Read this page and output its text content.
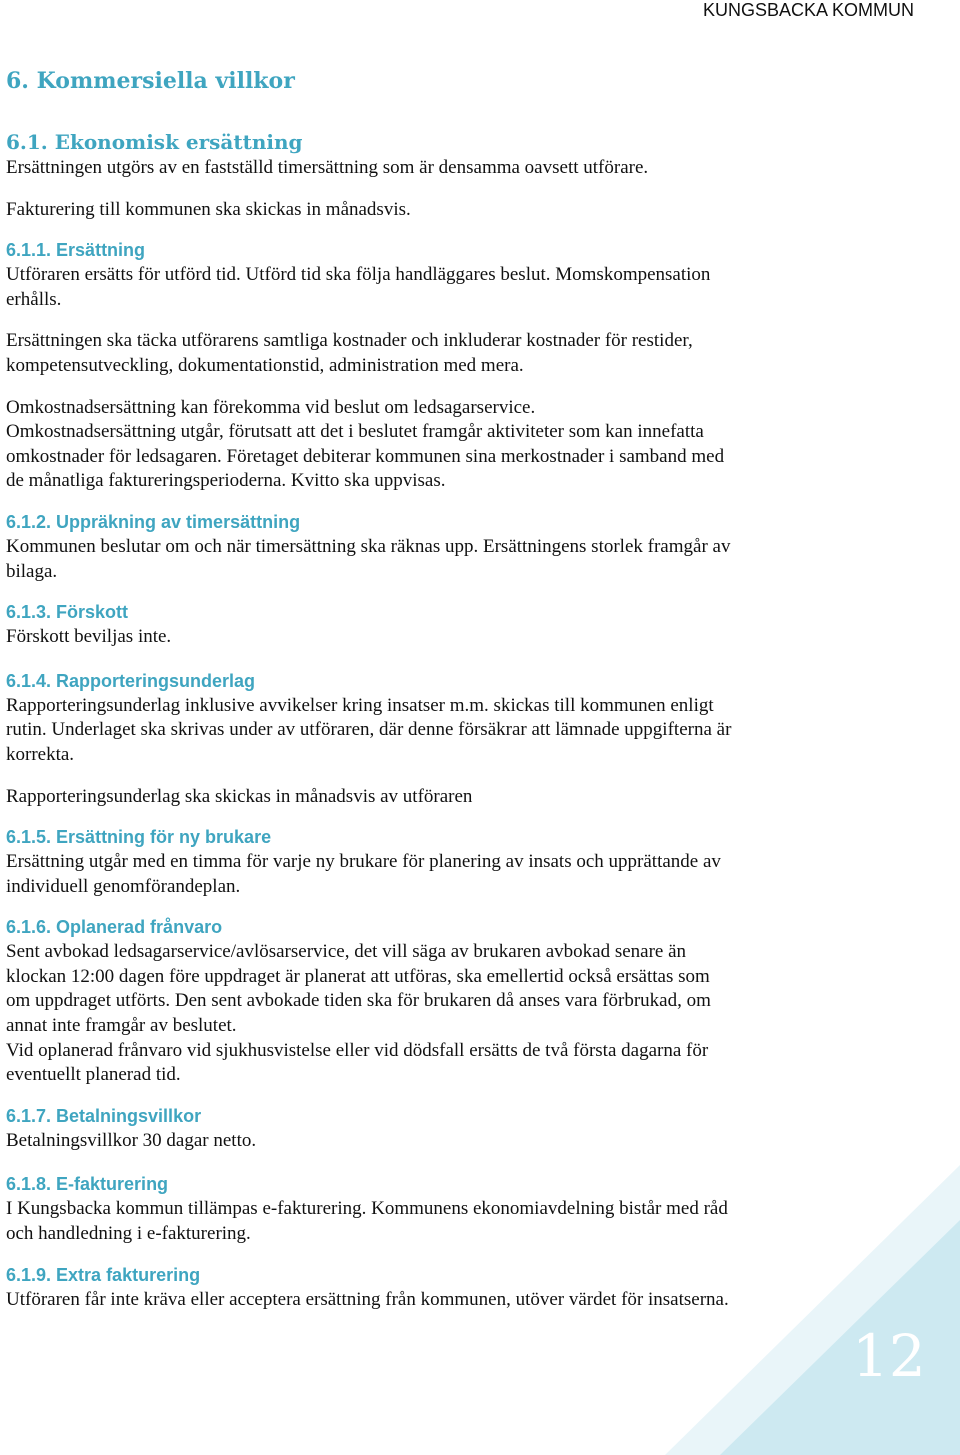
KUNGSBACKA KOMMUN
6. Kommersiella villkor
6.1. Ekonomisk ersättning

Ersättningen utgörs av en fastställd timersättning som är densamma oavsett utförare.

Fakturering till kommunen ska skickas in månadsvis.

6.1.1. Ersättning

Utföraren ersätts för utförd tid. Utförd tid ska följa handläggares beslut. Momskompensation

erhålls.

Ersättningen ska täcka utförarens samtliga kostnader och inkluderar kostnader för restider,

kompetensutveckling, dokumentationstid, administration med mera.

Omkostnadsersättning kan förekomma vid beslut om ledsagarservice.

Omkostnadsersättning utgår, förutsatt att det i beslutet framgår aktiviteter som kan innefatta

omkostnader för ledsagaren. Företaget debiterar kommunen sina merkostnader i samband med

de månatliga faktureringsperioderna. Kvitto ska uppvisas.

6.1.2. Uppräkning av timersättning

Kommunen beslutar om och när timersättning ska räknas upp. Ersättningens storlek framgår av

bilaga.

6.1.3. Förskott

Förskott beviljas inte.

6.1.4. Rapporteringsunderlag

Rapporteringsunderlag inklusive avvikelser kring insatser m.m. skickas till kommunen enligt

rutin. Underlaget ska skrivas under av utföraren, där denne försäkrar att lämnade uppgifterna är

korrekta.

Rapporteringsunderlag ska skickas in månadsvis av utföraren

6.1.5. Ersättning för ny brukare

Ersättning utgår med en timma för varje ny brukare för planering av insats och upprättande av

individuell genomförandeplan.

6.1.6. Oplanerad frånvaro

Sent avbokad ledsagarservice/avlösarservice, det vill säga av brukaren avbokad senare än

klockan 12:00 dagen före uppdraget är planerat att utföras, ska emellertid också ersättas som

om uppdraget utförts. Den sent avbokade tiden ska för brukaren då anses vara förbrukad, om

annat inte framgår av beslutet.

Vid oplanerad frånvaro vid sjukhusvistelse eller vid dödsfall ersätts de två första dagarna för

eventuellt planerad tid.

6.1.7. Betalningsvillkor

Betalningsvillkor 30 dagar netto.

6.1.8. E-fakturering

I Kungsbacka kommun tillämpas e-fakturering. Kommunens ekonomiavdelning bistår med råd

och handledning i e-fakturering.

6.1.9. Extra fakturering

Utföraren får inte kräva eller acceptera ersättning från kommunen, utöver värdet för insatserna.

12
